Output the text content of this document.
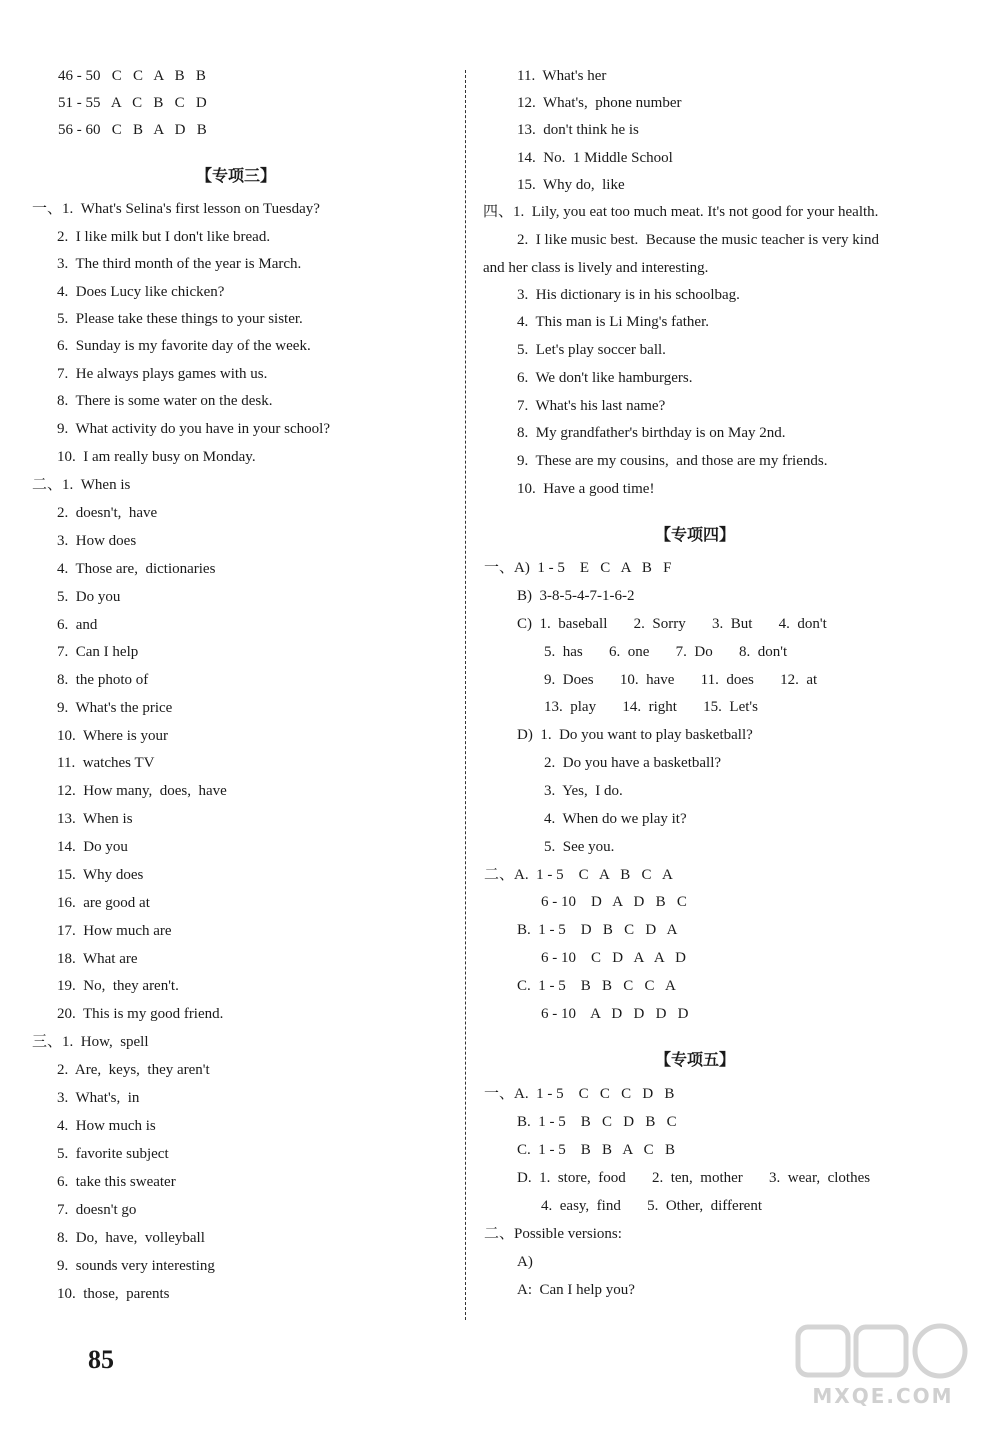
46 - 50   C   C   A   B   B
51 - 55   A   C   B   C   D
56 - 60   C   B   A   D   B
【专项三】
一、1.  What's Selina's first lesson on Tuesday?
2.  I like milk but I don't like bread.
3.  The third month of the year is March.
4.  Does Lucy like chicken?
5.  Please take these things to your sister.
6.  Sunday is my favorite day of the week.
7.  He always plays games with us.
8.  There is some water on the desk.
9.  What activity do you have in your school?
10.  I am really busy on Monday.
二、1.  When is
2.  doesn't,  have
3.  How does
4.  Those are,  dictionaries
5.  Do you
6.  and
7.  Can I help
8.  the photo of
9.  What's the price
10.  Where is your
11.  watches TV
12.  How many,  does,  have
13.  When is
14.  Do you
15.  Why does
16.  are good at
17.  How much are
18.  What are
19.  No,  they aren't.
20.  This is my good friend.
三、1.  How,  spell
2.  Are,  keys,  they aren't
3.  What's,  in
4.  How much is
5.  favorite subject
6.  take this sweater
7.  doesn't go
8.  Do,  have,  volleyball
9.  sounds very interesting
10.  those,  parents
11.  What's her
12.  What's,  phone number
13.  don't think he is
14.  No.  1 Middle School
15.  Why do,  like
四、1.  Lily, you eat too much meat. It's not good for your health.
2.  I like music best.  Because the music teacher is very kind
and her class is lively and interesting.
3.  His dictionary is in his schoolbag.
4.  This man is Li Ming's father.
5.  Let's play soccer ball.
6.  We don't like hamburgers.
7.  What's his last name?
8.  My grandfather's birthday is on May 2nd.
9.  These are my cousins,  and those are my friends.
10.  Have a good time!
【专项四】
一、A)  1 - 5    E   C   A   B   F
B)  3-8-5-4-7-1-6-2
C)  1.  baseball       2.  Sorry       3.  But       4.  don't
5.  has       6.  one       7.  Do       8.  don't
9.  Does       10.  have       11.  does       12.  at
13.  play       14.  right       15.  Let's
D)  1.  Do you want to play basketball?
2.  Do you have a basketball?
3.  Yes,  I do.
4.  When do we play it?
5.  See you.
二、A.  1 - 5    C   A   B   C   A
6 - 10    D   A   D   B   C
B.  1 - 5    D   B   C   D   A
6 - 10    C   D   A   A   D
C.  1 - 5    B   B   C   C   A
6 - 10    A   D   D   D   D
【专项五】
一、A.  1 - 5    C   C   C   D   B
B.  1 - 5    B   C   D   B   C
C.  1 - 5    B   B   A   C   B
D.  1.  store,  food       2.  ten,  mother       3.  wear,  clothes
4.  easy,  find       5.  Other,  different
二、Possible versions:
A)
A:  Can I help you?
85
MXQE.COM
